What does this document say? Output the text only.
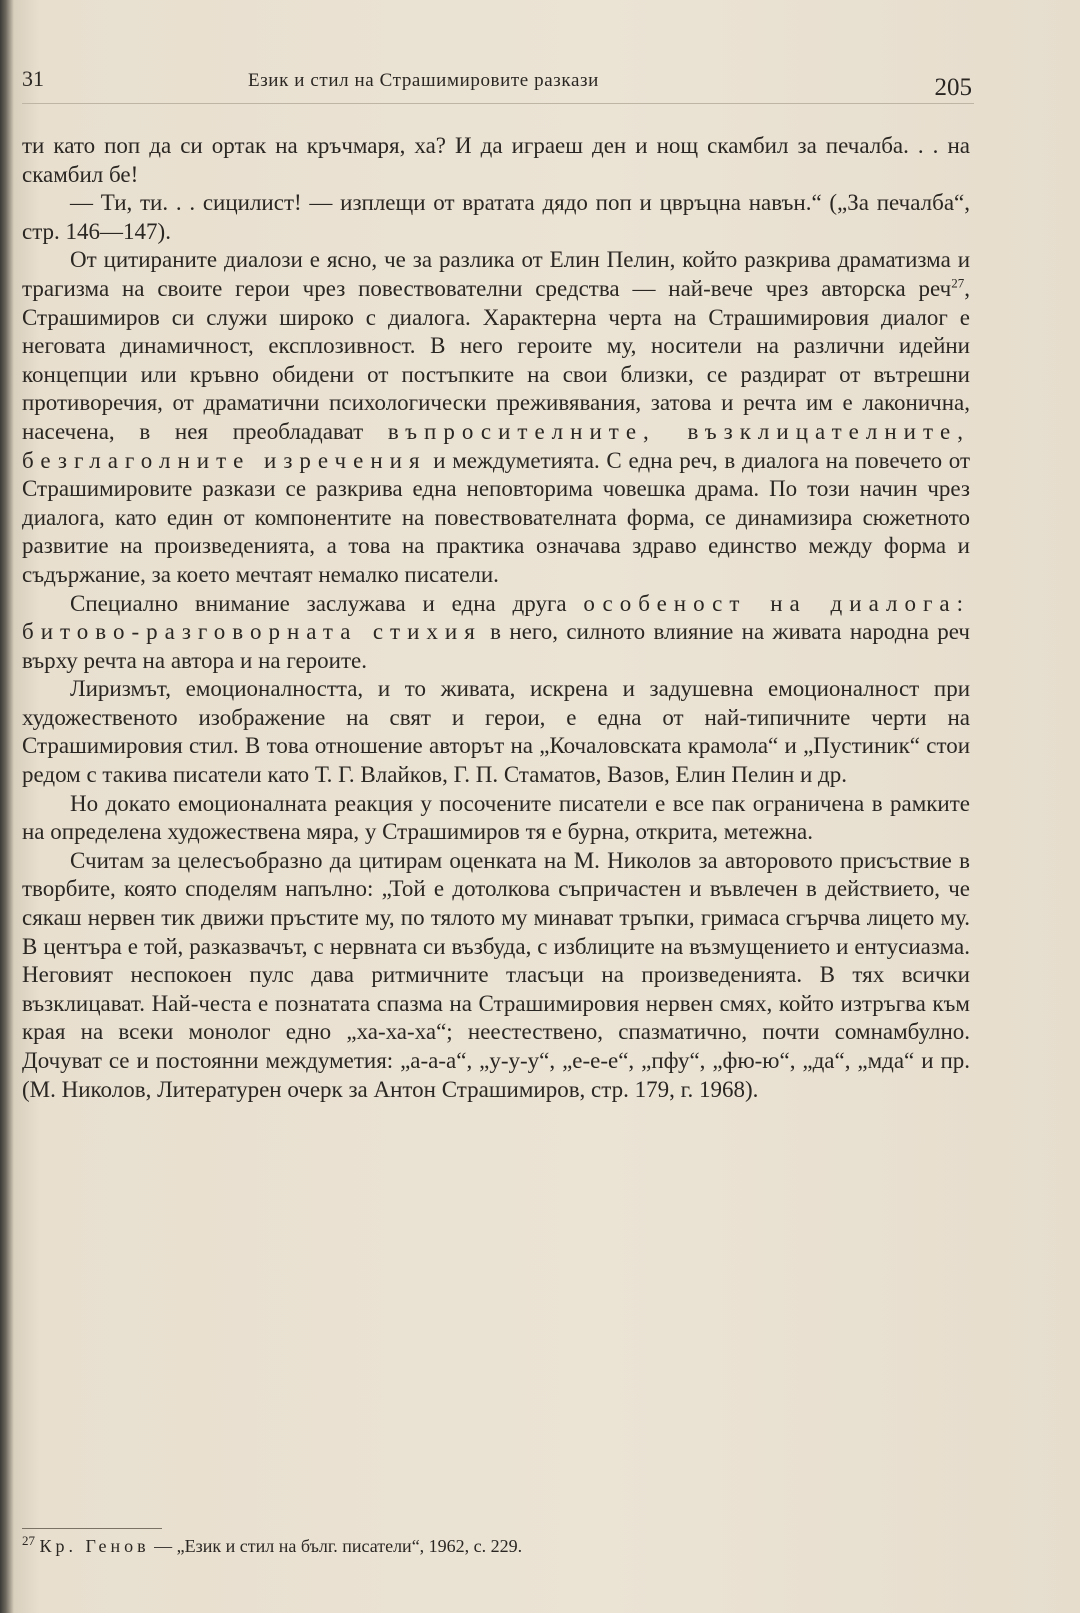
31	Език и стил на Страшимировите разкази	205

ти като поп да си ортак на кръчмаря, ха? И да играеш ден и нощ скамбил за печалба. . . на скамбил бе!

— Ти, ти. . . сицилист! — изплещи от вратата дядо поп и цвръцна навън.“ („За печалба“, стр. 146—147).

От цитираните диалози е ясно, че за разлика от Елин Пелин, който разкрива драматизма и трагизма на своите герои чрез повествователни средства — най-вече чрез авторска реч$^{27}$, Страшимиров си служи широко с диалога. Характерна черта на Страшимировия диалог е неговата динамичност, експлозивност. В него героите му, носители на различни идейни концепции или кръвно обидени от постъпките на свои близки, се раздират от вътрешни противоречия, от драматични психологически преживявания, затова и речта им е лаконична, насечена, в нея преобладават въпросителните, възклицателните, безглаголните изречения и междуметията. С една реч, в диалога на повечето от Страшимировите разкази се разкрива една неповторима човешка драма. По този начин чрез диалога, като един от компонентите на повествователната форма, се динамизира сюжетното развитие на произведенията, а това на практика означава здраво единство между форма и съдържание, за което мечтаят немалко писатели.

Специално внимание заслужава и една друга особеност на диалога: битово-разговорната стихия в него, силното влияние на живата народна реч върху речта на автора и на героите.

Лиризмът, емоционалността, и то живата, искрена и задушевна емоционалност при художественото изображение на свят и герои, е една от най-типичните черти на Страшимировия стил. В това отношение авторът на „Кочаловската крамола“ и „Пустиник“ стои редом с такива писатели като Т. Г. Влайков, Г. П. Стаматов, Вазов, Елин Пелин и др.

Но докато емоционалната реакция у посочените писатели е все пак ограничена в рамките на определена художествена мяра, у Страшимиров тя е бурна, открита, метежна.

Считам за целесъобразно да цитирам оценката на М. Николов за авторовото присъствие в творбите, която споделям напълно: „Той е дотолкова съпричастен и въвлечен в действието, че сякаш нервен тик движи пръстите му, по тялото му минават тръпки, гримаса сгърчва лицето му. В центъра е той, разказвачът, с нервната си възбуда, с изблиците на възмущението и ентусиазма. Неговият неспокоен пулс дава ритмичните тласъци на произведенията. В тях всички възклицават. Най-честа е познатата спазма на Страшимировия нервен смях, който изтръгва към края на всеки монолог едно „ха-ха-ха“; неестествено, спазматично, почти сомнамбулно. Дочуват се и постоянни междуметия: „а-а-а“, „у-у-у“, „е-е-е“, „пфу“, „фю-ю“, „да“, „мда“ и пр. (М. Николов, Литературен очерк за Антон Страшимиров, стр. 179, г. 1968).

$^{27}$ Кр. Генов — „Език и стил на бълг. писатели“, 1962, с. 229.
